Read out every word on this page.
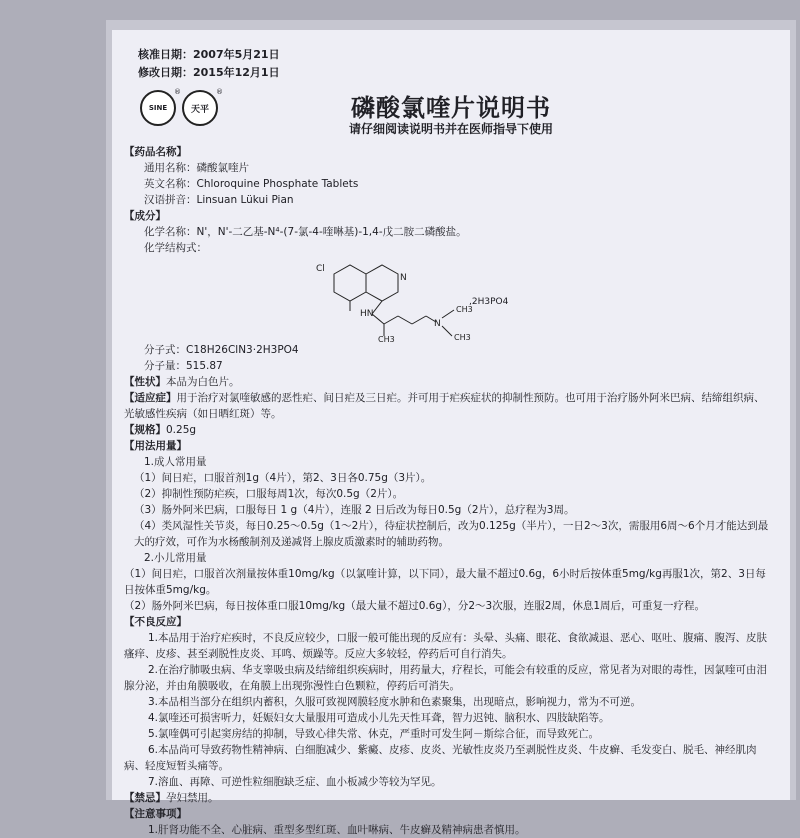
核准日期：2007年5月21日
修改日期：2015年12月1日
SINE
®
天平
®
磷酸氯喹片说明书
请仔细阅读说明书并在医师指导下使用
【药品名称】
通用名称：磷酸氯喹片
英文名称：Chloroquine Phosphate Tablets
汉语拼音：Linsuan Lükui Pian
【成分】
化学名称：N'，N'-二乙基-N⁴-(7-氯-4-喹啉基)-1,4-戊二胺二磷酸盐。
化学结构式：
Cl
N
HN
CH3
N
CH3
CH3
,2H3PO4
分子式：C18H26ClN3·2H3PO4
分子量：515.87
【性状】本品为白色片。
【适应症】用于治疗对氯喹敏感的恶性疟、间日疟及三日疟。并可用于疟疾症状的抑制性预防。也可用于治疗肠外阿米巴病、结缔组织病、光敏感性疾病（如日晒红斑）等。
【规格】0.25g
【用法用量】
1.成人常用量
（1）间日疟，口服首剂1g（4片），第2、3日各0.75g（3片）。
（2）抑制性预防疟疾，口服每周1次，每次0.5g（2片）。
（3）肠外阿米巴病，口服每日 1 g（4片），连服 2 日后改为每日0.5g（2片），总疗程为3周。
（4）类风湿性关节炎，每日0.25～0.5g（1～2片），待症状控制后，改为0.125g（半片），一日2～3次，需服用6周～6个月才能达到最大的疗效，可作为水杨酸制剂及递减肾上腺皮质激素时的辅助药物。
2.小儿常用量
（1）间日疟，口服首次剂量按体重10mg/kg（以氯喹计算，以下同），最大量不超过0.6g，6小时后按体重5mg/kg再服1次，第2、3日每日按体重5mg/kg。
（2）肠外阿米巴病，每日按体重口服10mg/kg（最大量不超过0.6g），分2～3次服，连服2周，休息1周后，可重复一疗程。
【不良反应】
1.本品用于治疗疟疾时，不良反应较少，口服一般可能出现的反应有：头晕、头痛、眼花、食欲减退、恶心、呕吐、腹痛、腹泻、皮肤瘙痒、皮疹、甚至剥脱性皮炎、耳鸣、烦躁等。反应大多较轻，停药后可自行消失。
2.在治疗肺吸虫病、华支睾吸虫病及结缔组织疾病时，用药量大，疗程长，可能会有较重的反应，常见者为对眼的毒性，因氯喹可由泪腺分泌，并由角膜吸收，在角膜上出现弥漫性白色颗粒，停药后可消失。
3.本品相当部分在组织内蓄积，久服可致视网膜轻度水肿和色素聚集，出现暗点，影响视力，常为不可逆。
4.氯喹还可损害听力，妊娠妇女大量服用可造成小儿先天性耳聋，智力迟钝、脑积水、四肢缺陷等。
5.氯喹偶可引起窦房结的抑制，导致心律失常、休克，严重时可发生阿－斯综合征，而导致死亡。
6.本品尚可导致药物性精神病、白细胞减少、紫癜、皮疹、皮炎、光敏性皮炎乃至剥脱性皮炎、牛皮癣、毛发变白、脱毛、神经肌肉病、轻度短暂头痛等。
7.溶血、再障、可逆性粒细胞缺乏症、血小板减少等较为罕见。
【禁忌】孕妇禁用。
【注意事项】
1.肝肾功能不全、心脏病、重型多型红斑、血叶啉病、牛皮癣及精神病患者慎用。
